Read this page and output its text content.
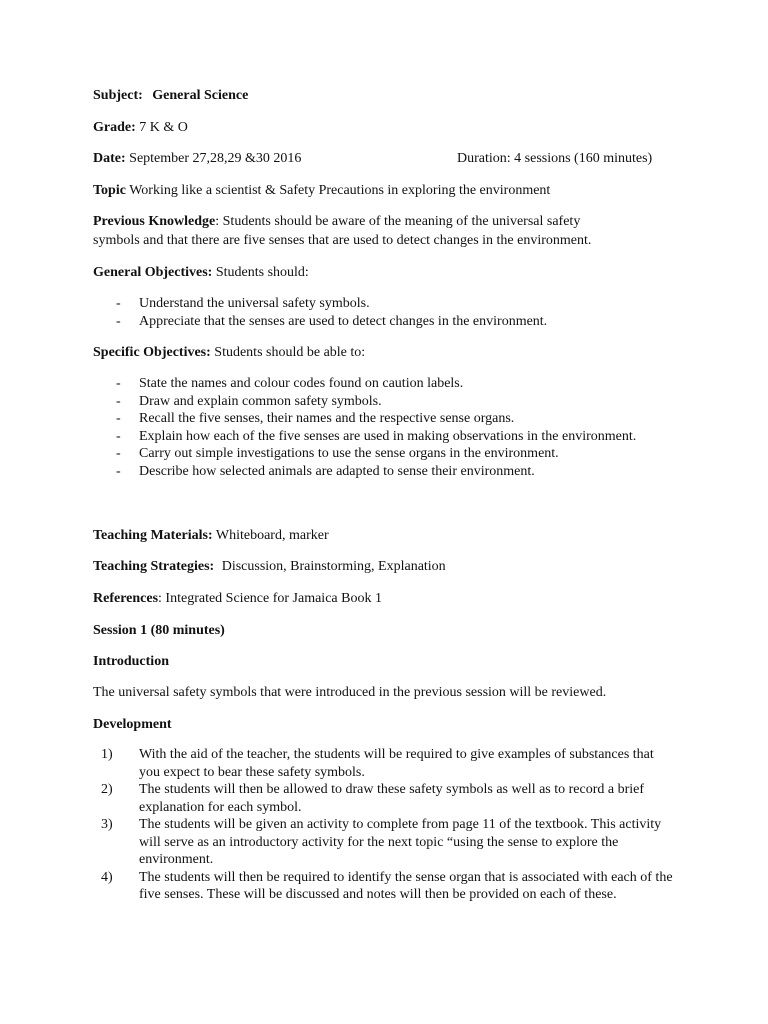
Subject: General Science
Grade: 7 K & O
Date: September 27,28,29 &30 2016	Duration: 4 sessions (160 minutes)
Topic Working like a scientist & Safety Precautions in exploring the environment
Previous Knowledge: Students should be aware of the meaning of the universal safety
symbols and that there are five senses that are used to detect changes in the environment.
General Objectives: Students should:
- Understand the universal safety symbols.
- Appreciate that the senses are used to detect changes in the environment.
Specific Objectives: Students should be able to:
- State the names and colour codes found on caution labels.
- Draw and explain common safety symbols.
- Recall the five senses, their names and the respective sense organs.
- Explain how each of the five senses are used in making observations in the environment.
- Carry out simple investigations to use the sense organs in the environment.
- Describe how selected animals are adapted to sense their environment.
Teaching Materials: Whiteboard, marker
Teaching Strategies: Discussion, Brainstorming, Explanation
References: Integrated Science for Jamaica Book 1
Session 1 (80 minutes)
Introduction
The universal safety symbols that were introduced in the previous session will be reviewed.
Development
1) With the aid of the teacher, the students will be required to give examples of substances that you expect to bear these safety symbols.
2) The students will then be allowed to draw these safety symbols as well as to record a brief explanation for each symbol.
3) The students will be given an activity to complete from page 11 of the textbook. This activity will serve as an introductory activity for the next topic “using the sense to explore the environment.
4) The students will then be required to identify the sense organ that is associated with each of the five senses. These will be discussed and notes will then be provided on each of these.
